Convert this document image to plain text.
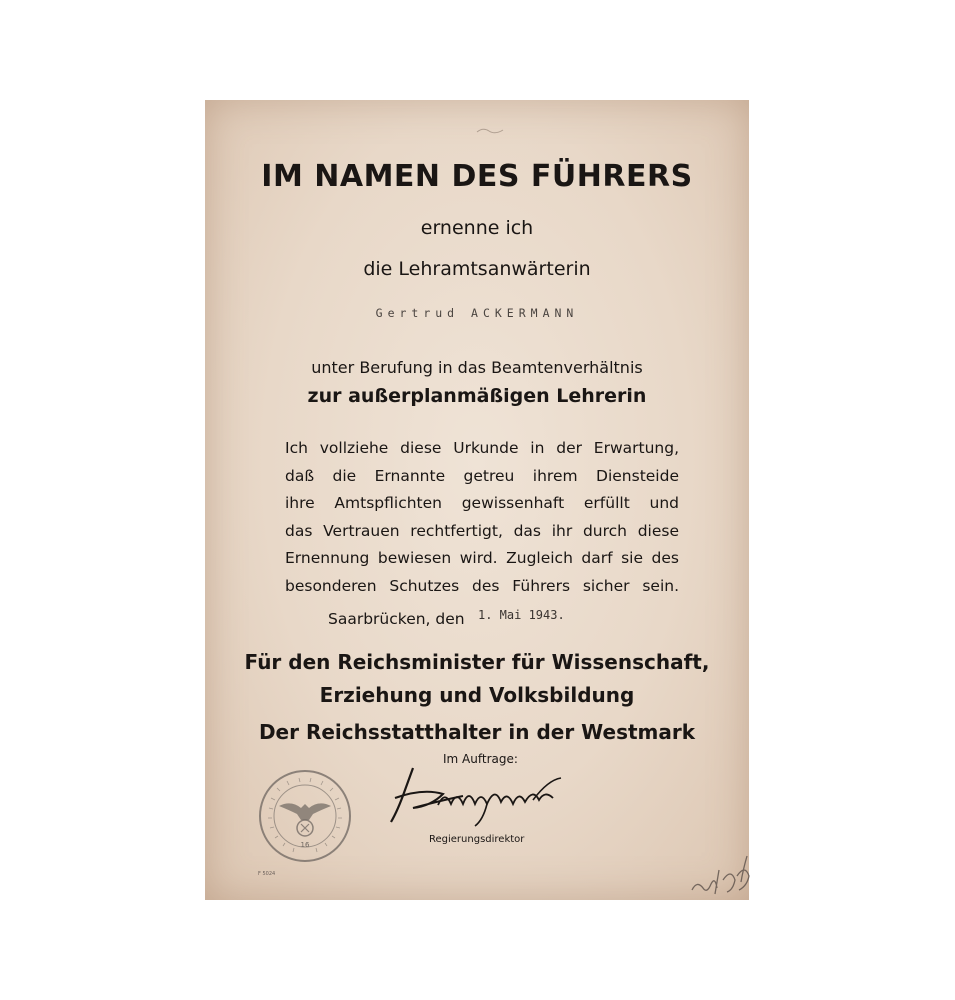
IM NAMEN DES FÜHRERS
ernenne ich
die Lehramtsanwärterin
Gertrud ACKERMANN
unter Berufung in das Beamtenverhältnis
zur außerplanmäßigen Lehrerin
Ich vollziehe diese Urkunde in der Erwartung,
daß die Ernannte getreu ihrem Diensteide
ihre Amtspflichten gewissenhaft erfüllt und
das Vertrauen rechtfertigt, das ihr durch diese
Ernennung bewiesen wird. Zugleich darf sie des
besonderen Schutzes des Führers sicher sein.
Saarbrücken, den 1. Mai 1943.
Für den Reichsminister für Wissenschaft,
Erziehung und Volksbildung
Der Reichsstatthalter in der Westmark
Im Auftrage:
Regierungsdirektor
16
F 5024
